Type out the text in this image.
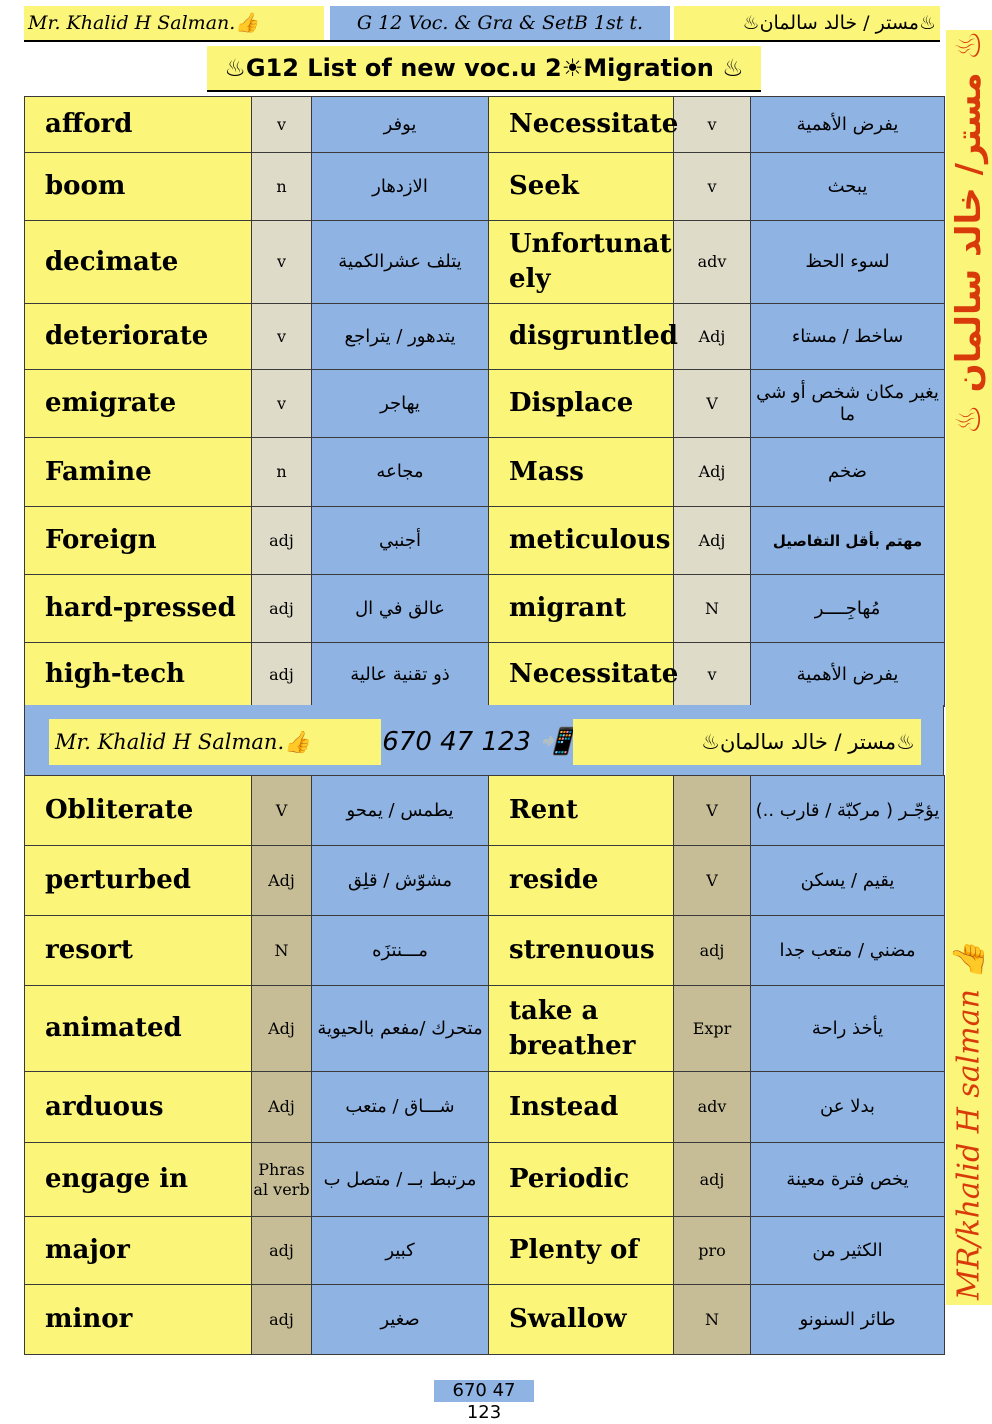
Mr. Khalid H Salman.👍	G 12 Voc. & Gra & SetB 1st t.	♨مستر / خالد سالمان♨
♨G12 List of new voc.u 2☀Migration ♨
♨ مستر/ خالد سالمان ♨
MR/khalid H salman 👍
afford	v	يوفر	Necessitate	v	يفرض الأهمية
boom	n	الازدهار	Seek	v	يبحث
decimate	v	يتلف عشرالكمية	Unfortunat ely	adv	لسوء الحظ
deteriorate	v	يتدهور / يتراجع	disgruntled	Adj	ساخط / مستاء
emigrate	v	يهاجر	Displace	V	يغير مكان شخص أو شي ما
Famine	n	مجاعه	Mass	Adj	ضخم
Foreign	adj	أجنبي	meticulous	Adj	مهتم بأقل التفاصيل
hard-pressed	adj	عالق في ال	migrant	N	مُهاجِــــر
high-tech	adj	ذو تقنية عالية	Necessitate	v	يفرض الأهمية
Mr. Khalid H Salman.👍	670 47 123 📲	♨مستر / خالد سالمان♨
Obliterate	V	يطمس / يمحو	Rent	V	يؤجّـر ( مركبّة / قارب ..)
perturbed	Adj	مشوّش / قلِق	reside	V	يقيم / يسكن
resort	N	مـــنتزَه	strenuous	adj	مضني / متعب جدا
animated	Adj	متحرك /مفعم بالحيوية	take a breather	Expr	يأخذ راحة
arduous	Adj	شـــاق / متعب	Instead	adv	بدلا عن
engage in	Phras al verb	مرتبط بــ / متصل ب	Periodic	adj	يخص فترة معينة
major	adj	كبير	Plenty of	pro	الكثير من
minor	adj	صغير	Swallow	N	طائر السنونو
670 47 123
